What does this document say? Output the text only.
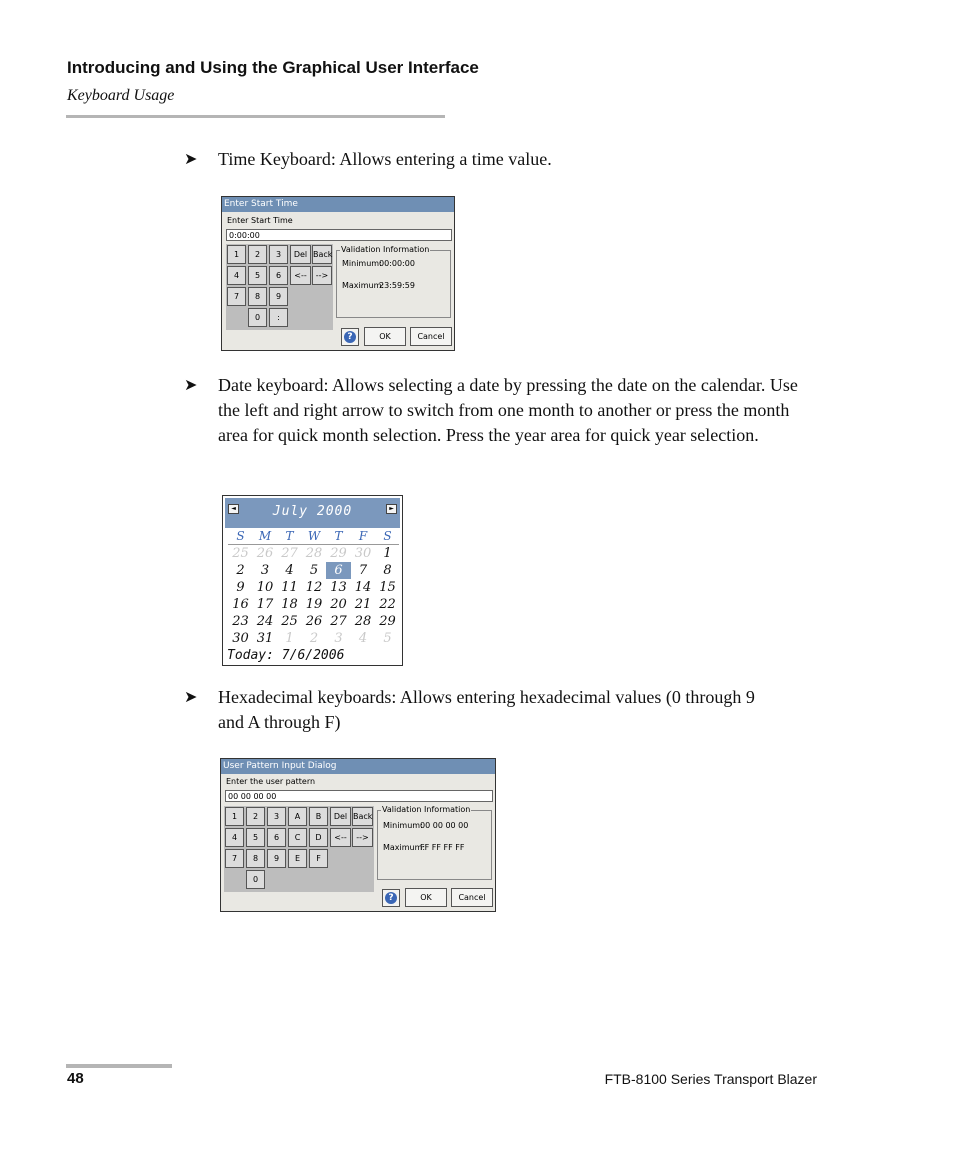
Introducing and Using the Graphical User Interface
Keyboard Usage
➤ Time Keyboard: Allows entering a time value.
Enter Start Time
Enter Start Time
0:00:00
1	2	3	Del Back
4	5	6	<--	-->
7	8	9
0	:
Validation Information
Minimum:
00:00:00
Maximum:
23:59:59
?	OK	Cancel
➤ Date keyboard: Allows selecting a date by pressing the date on the calendar. Use the left and right arrow to switch from one month to another or press the month area for quick month selection. Press the year area for quick year selection.
July 2000
◄	►
S	M	T	W	T	F	S
25 26 27 28 29 30 1
2	3	4	5	6	7	8
9 10 11 12 13 14 15
16 17 18 19 20 21 22
23 24 25 26 27 28 29
30 31 1	2	3	4	5
Today: 7/6/2006
➤ Hexadecimal keyboards: Allows entering hexadecimal values (0 through 9 and A through F)
User Pattern Input Dialog
Enter the user pattern
00 00 00 00
1	2	3	A	B	Del Back
4	5	6	C	D	<--	-->
7	8	9	E	F
0
Validation Information
Minimum:
00 00 00 00
Maximum:
FF FF FF FF
?	OK	Cancel
48	FTB-8100 Series Transport Blazer
